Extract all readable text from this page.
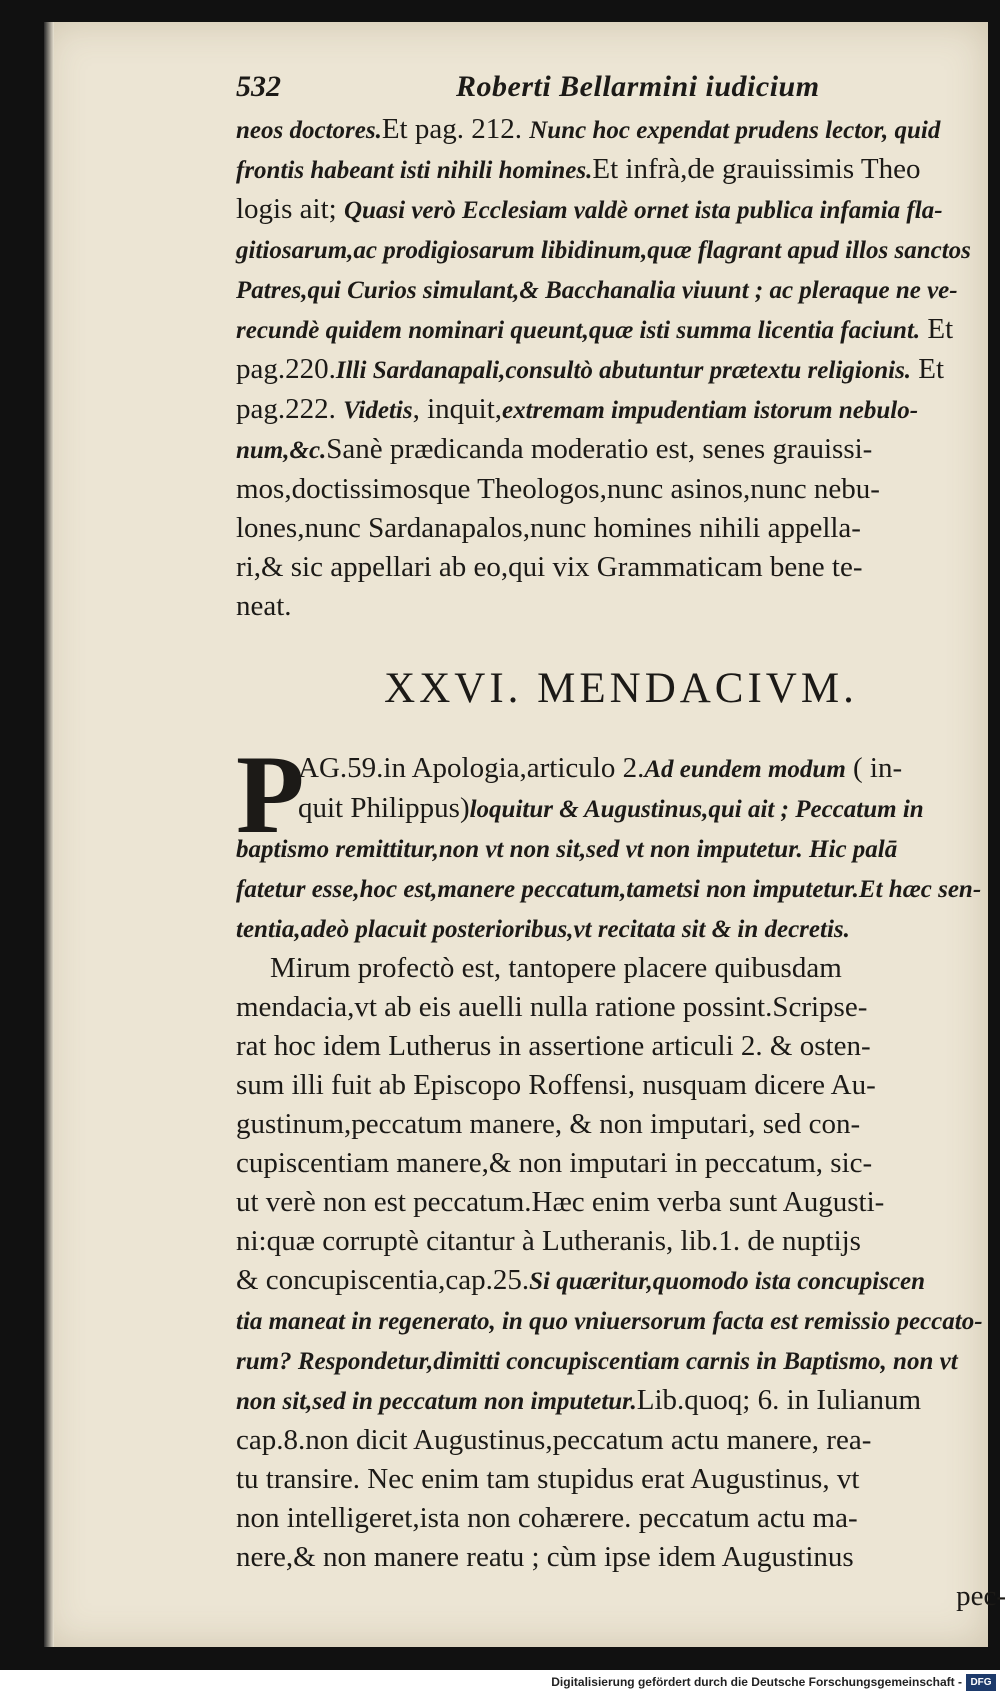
532	Roberti Bellarmini iudicium
neos doctores.Et pag. 212. Nunc hoc expendat prudens lector, quid
frontis habeant isti nihili homines.Et infrà,de grauissimis Theo
logis ait; Quasi verò Ecclesiam valdè ornet ista publica infamia fla-
gitiosarum,ac prodigiosarum libidinum,quæ flagrant apud illos sanctos
Patres,qui Curios simulant,& Bacchanalia viuunt ; ac pleraque ne ve-
recundè quidem nominari queunt,quæ isti summa licentia faciunt. Et
pag.220.Illi Sardanapali,consultò abutuntur prætextu religionis. Et
pag.222. Videtis, inquit,extremam impudentiam istorum nebulo-
num,&c.Sanè prædicanda moderatio est, senes grauissi-
mos,doctissimosque Theologos,nunc asinos,nunc nebu-
lones,nunc Sardanapalos,nunc homines nihili appella-
ri,& sic appellari ab eo,qui vix Grammaticam bene te-
neat.
XXVI. MENDACIVM.
P
AG.59.in Apologia,articulo 2.Ad eundem modum ( in-
quit Philippus)loquitur & Augustinus,qui ait ; Peccatum in
baptismo remittitur,non vt non sit,sed vt non imputetur. Hic palā
fatetur esse,hoc est,manere peccatum,tametsi non imputetur.Et hæc sen-
tentia,adeò placuit posterioribus,vt recitata sit & in decretis.
Mirum profectò est, tantopere placere quibusdam
mendacia,vt ab eis auelli nulla ratione possint.Scripse-
rat hoc idem Lutherus in assertione articuli 2. & osten-
sum illi fuit ab Episcopo Roffensi, nusquam dicere Au-
gustinum,peccatum manere, & non imputari, sed con-
cupiscentiam manere,& non imputari in peccatum, sic-
ut verè non est peccatum.Hæc enim verba sunt Augusti-
ni:quæ corruptè citantur à Lutheranis, lib.1. de nuptijs
& concupiscentia,cap.25.Si quæritur,quomodo ista concupiscen
tia maneat in regenerato, in quo vniuersorum facta est remissio peccato-
rum? Respondetur,dimitti concupiscentiam carnis in Baptismo, non vt
non sit,sed in peccatum non imputetur.Lib.quoq; 6. in Iulianum
cap.8.non dicit Augustinus,peccatum actu manere, rea-
tu transire. Nec enim tam stupidus erat Augustinus, vt
non intelligeret,ista non cohærere. peccatum actu ma-
nere,& non manere reatu ; cùm ipse idem Augustinus
pec-
Digitalisierung gefördert durch die Deutsche Forschungsgemeinschaft - DFG
